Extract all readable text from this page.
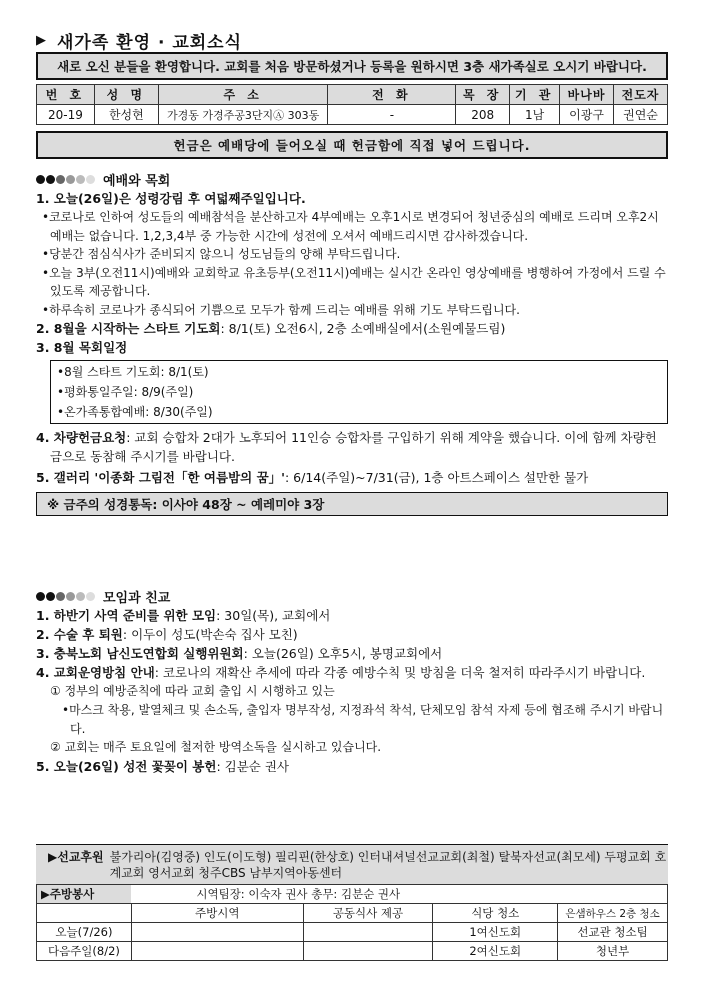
▶ 새가족 환영 · 교회소식
새로 오신 분들을 환영합니다. 교회를 처음 방문하셨거나 등록을 원하시면 3층 새가족실로 오시기 바랍니다.
번 호	성 명	주 소	전 화	목 장	기 관	바나바	전도자
20-19	한성현	가경동 가경주공3단지Ⓐ 303동	-	208	1남	이광구	권연순
헌금은 예배당에 들어오실 때 헌금함에 직접 넣어 드립니다.
예배와 목회
1. 오늘(26일)은 성령강림 후 여덟째주일입니다.
•코로나로 인하여 성도들의 예배참석을 분산하고자 4부예배는 오후1시로 변경되어 청년중심의 예배로 드리며 오후2시예배는 없습니다. 1,2,3,4부 중 가능한 시간에 성전에 오셔서 예배드리시면 감사하겠습니다.
•당분간 점심식사가 준비되지 않으니 성도님들의 양해 부탁드립니다.
•오늘 3부(오전11시)예배와 교회학교 유초등부(오전11시)예배는 실시간 온라인 영상예배를 병행하여 가정에서 드릴 수 있도록 제공합니다.
•하루속히 코로나가 종식되어 기쁨으로 모두가 함께 드리는 예배를 위해 기도 부탁드립니다.
2. 8월을 시작하는 스타트 기도회: 8/1(토) 오전6시, 2층 소예배실에서(소원예물드림)
3. 8월 목회일정
•8월 스타트 기도회: 8/1(토)
•평화통일주일: 8/9(주일)
•온가족통합예배: 8/30(주일)
4. 차량헌금요청: 교회 승합차 2대가 노후되어 11인승 승합차를 구입하기 위해 계약을 했습니다. 이에 함께 차량헌금으로 동참해 주시기를 바랍니다.
5. 갤러리 '이종화 그림전「한 여름밤의 꿈」': 6/14(주일)~7/31(금), 1층 아트스페이스 설만한 물가
※ 금주의 성경통독: 이사야 48장 ~ 예레미야 3장
모임과 친교
1. 하반기 사역 준비를 위한 모임: 30일(목), 교회에서
2. 수술 후 퇴원: 이두이 성도(박손숙 집사 모친)
3. 충북노회 남신도연합회 실행위원회: 오늘(26일) 오후5시, 봉명교회에서
4. 교회운영방침 안내: 코로나의 재확산 추세에 따라 각종 예방수칙 및 방침을 더욱 철저히 따라주시기 바랍니다.
① 정부의 예방준칙에 따라 교회 출입 시 시행하고 있는
•마스크 착용, 발열체크 및 손소독, 출입자 명부작성, 지정좌석 착석, 단체모임 참석 자제 등에 협조해 주시기 바랍니다.
② 교회는 매주 토요일에 철저한 방역소독을 실시하고 있습니다.
5. 오늘(26일) 성전 꽃꽂이 봉헌: 김분순 권사
▶선교후원 불가리아(김영중) 인도(이도형) 필리핀(한상호) 인터내셔널선교교회(최철) 탈북자선교(최모세) 두평교회 호계교회 영서교회 청주CBS 남부지역아동센터
▶주방봉사	시역팀장: 이숙자 권사 총무: 김분순 권사			
	주방시역	공동식사 제공	식당 청소	은샘하우스 2층 청소
오늘(7/26)			1여신도회	선교관 청소팀
다음주일(8/2)			2여신도회	청년부
